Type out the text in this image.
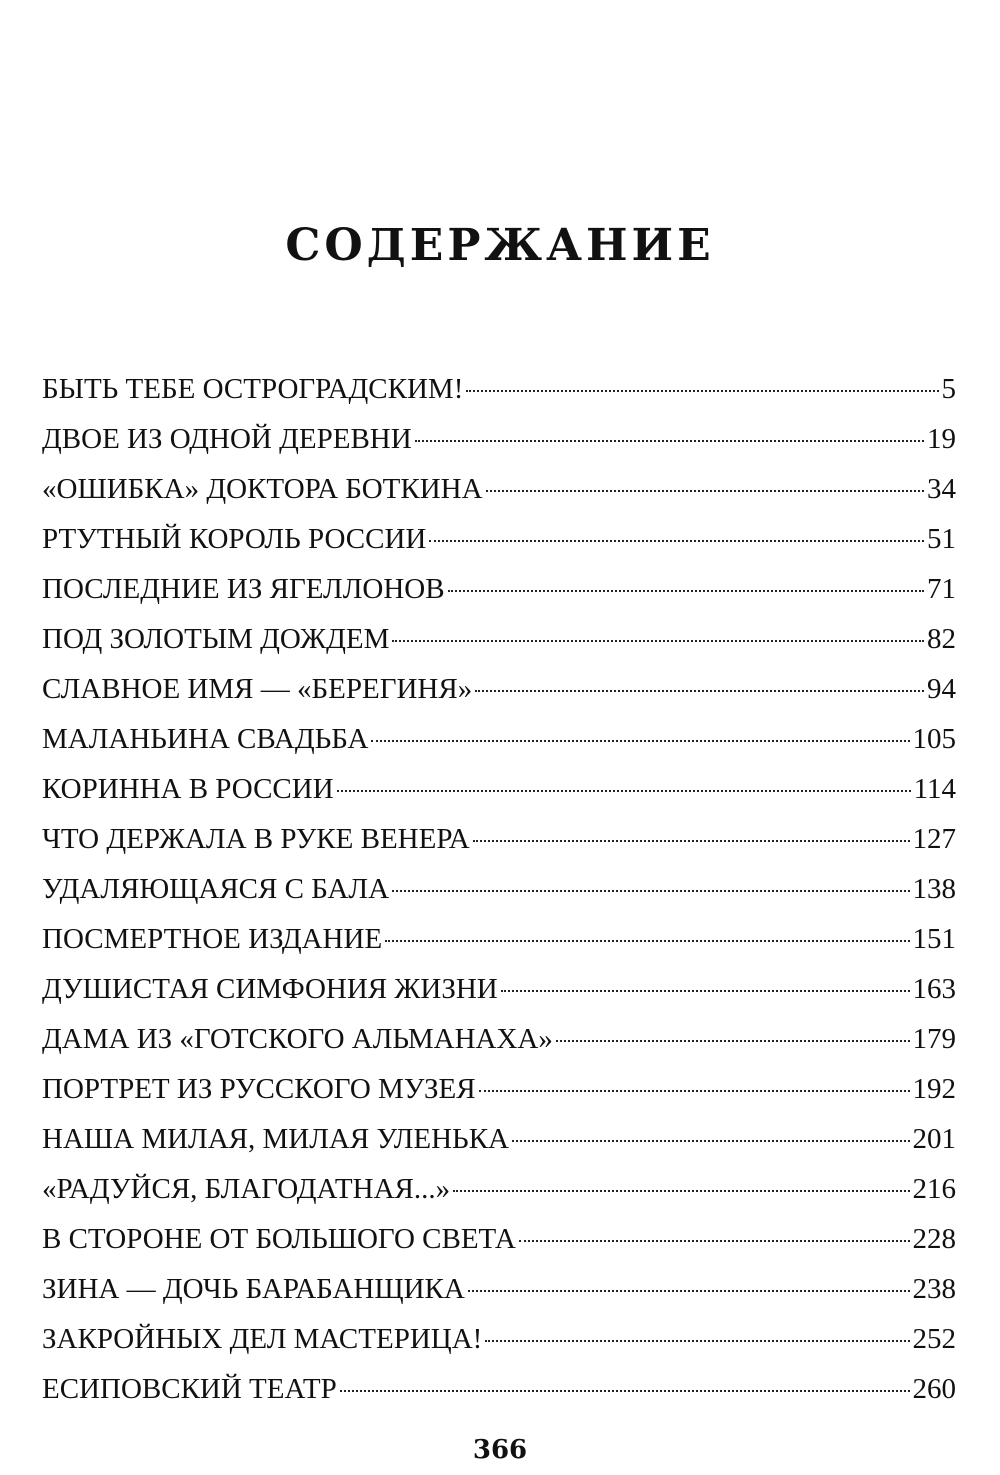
СОДЕРЖАНИЕ
БЫТЬ ТЕБЕ ОСТРОГРАДСКИМ!	5
ДВОЕ ИЗ ОДНОЙ ДЕРЕВНИ	19
«ОШИБКА» ДОКТОРА БОТКИНА	34
РТУТНЫЙ КОРОЛЬ РОССИИ	51
ПОСЛЕДНИЕ ИЗ ЯГЕЛЛОНОВ	71
ПОД ЗОЛОТЫМ ДОЖДЕМ	82
СЛАВНОЕ ИМЯ — «БЕРЕГИНЯ»	94
МАЛАНЬИНА СВАДЬБА	105
КОРИННА В РОССИИ	114
ЧТО ДЕРЖАЛА В РУКЕ ВЕНЕРА	127
УДАЛЯЮЩАЯСЯ С БАЛА	138
ПОСМЕРТНОЕ ИЗДАНИЕ	151
ДУШИСТАЯ СИМФОНИЯ ЖИЗНИ	163
ДАМА ИЗ «ГОТСКОГО АЛЬМАНАХА»	179
ПОРТРЕТ ИЗ РУССКОГО МУЗЕЯ	192
НАША МИЛАЯ, МИЛАЯ УЛЕНЬКА	201
«РАДУЙСЯ, БЛАГОДАТНАЯ...»	216
В СТОРОНЕ ОТ БОЛЬШОГО СВЕТА	228
ЗИНА — ДОЧЬ БАРАБАНЩИКА	238
ЗАКРОЙНЫХ ДЕЛ МАСТЕРИЦА!	252
ЕСИПОВСКИЙ ТЕАТР	260
366
